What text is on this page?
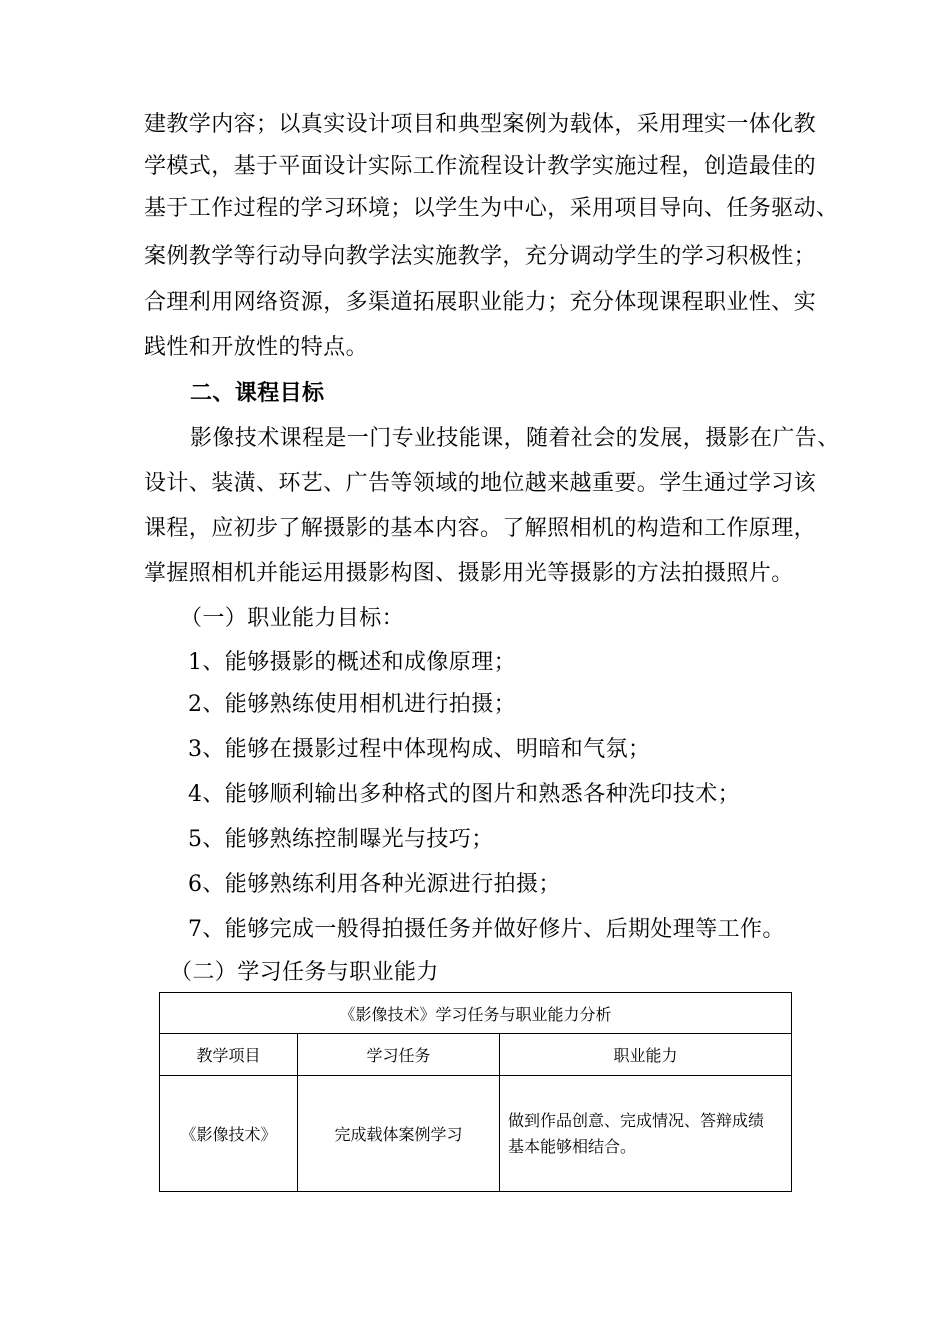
建教学内容；以真实设计项目和典型案例为载体，采用理实一体化教
学模式，基于平面设计实际工作流程设计教学实施过程，创造最佳的
基于工作过程的学习环境；以学生为中心，采用项目导向、任务驱动、
案例教学等行动导向教学法实施教学，充分调动学生的学习积极性；
合理利用网络资源，多渠道拓展职业能力；充分体现课程职业性、实
践性和开放性的特点。
二、课程目标
影像技术课程是一门专业技能课，随着社会的发展，摄影在广告、
设计、装潢、环艺、广告等领域的地位越来越重要。学生通过学习该
课程，应初步了解摄影的基本内容。了解照相机的构造和工作原理，
掌握照相机并能运用摄影构图、摄影用光等摄影的方法拍摄照片。
（一）职业能力目标：
1、能够摄影的概述和成像原理；
2、能够熟练使用相机进行拍摄；
3、能够在摄影过程中体现构成、明暗和气氛；
4、能够顺利输出多种格式的图片和熟悉各种洗印技术；
5、能够熟练控制曝光与技巧；
6、能够熟练利用各种光源进行拍摄；
7、能够完成一般得拍摄任务并做好修片、后期处理等工作。
（二）学习任务与职业能力
《影像技术》学习任务与职业能力分析		
教学项目	学习任务	职业能力
《影像技术》	完成载体案例学习	做到作品创意、完成情况、答辩成绩
基本能够相结合。
